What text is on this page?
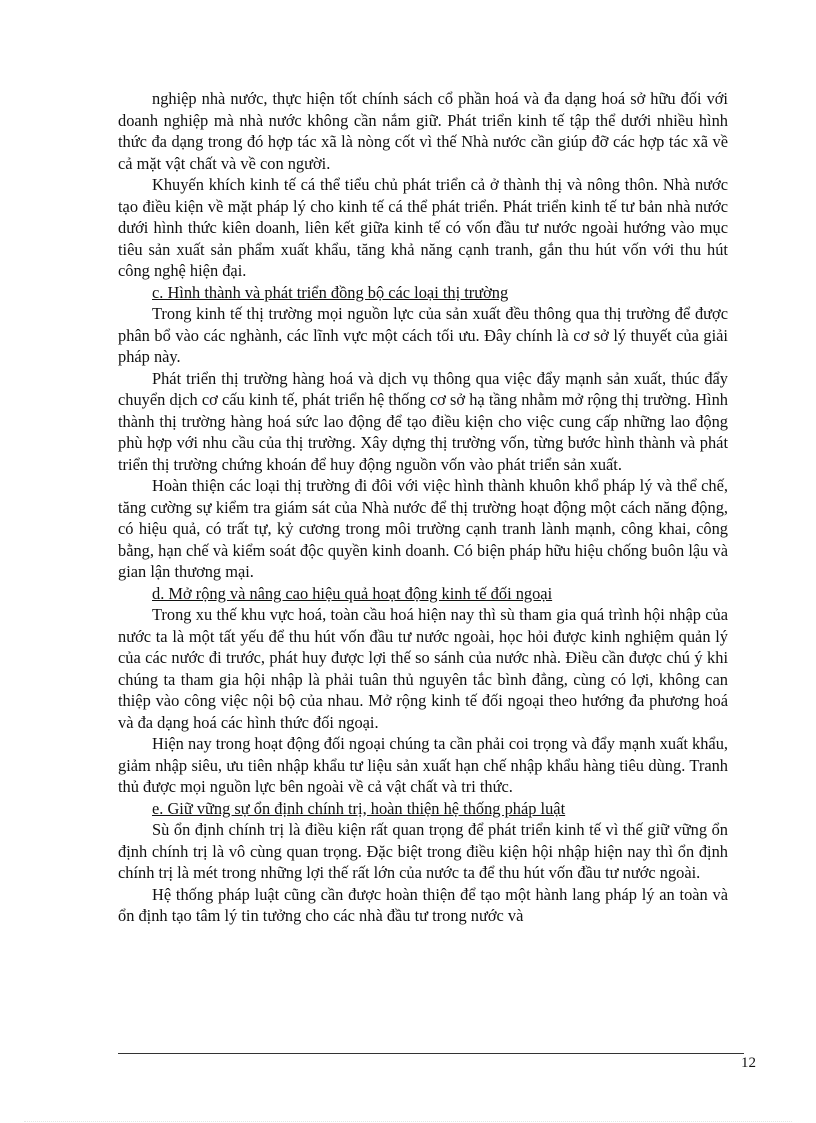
nghiệp nhà nước, thực hiện tốt chính sách cổ phần hoá và đa dạng hoá sở hữu đối với doanh nghiệp mà nhà nước không cần nắm giữ. Phát triển kinh tế tập thể dưới nhiều hình thức đa dạng trong đó hợp tác xã là nòng cốt vì thế Nhà nước cần giúp đỡ các hợp tác xã về cả mặt vật chất và về con người.

Khuyến khích kinh tế cá thể tiểu chủ phát triển cả ở thành thị và nông thôn. Nhà nước tạo điều kiện về mặt pháp lý cho kinh tế cá thể phát triển. Phát triển kinh tế tư bản nhà nước dưới hình thức kiên doanh, liên kết giữa kinh tế có vốn đầu tư nước ngoài hướng vào mục tiêu sản xuất sản phẩm xuất khẩu, tăng khả năng cạnh tranh, gắn thu hút vốn với thu hút công nghệ hiện đại.

c. Hình thành và phát triển đồng bộ các loại thị trường

Trong kinh tế thị trường mọi nguồn lực của sản xuất đều thông qua thị trường để được phân bổ vào các nghành, các lĩnh vực một cách tối ưu. Đây chính là cơ sở lý thuyết của giải pháp này.

Phát triển thị trường hàng hoá và dịch vụ thông qua việc đẩy mạnh sản xuất, thúc đẩy chuyển dịch cơ cấu kinh tế, phát triển hệ thống cơ sở hạ tầng nhằm mở rộng thị trường. Hình thành thị trường hàng hoá sức lao động để tạo điều kiện cho việc cung cấp những lao động phù hợp với nhu cầu của thị trường. Xây dựng thị trường vốn, từng bước hình thành và phát triển thị trường chứng khoán để huy động nguồn vốn vào phát triển sản xuất.

Hoàn thiện các loại thị trường đi đôi với việc hình thành khuôn khổ pháp lý và thể chế, tăng cường sự kiểm tra giám sát của Nhà nước để thị trường hoạt động một cách năng động, có hiệu quả, có trất tự, kỷ cương trong môi trường cạnh tranh lành mạnh, công khai, công bằng, hạn chế và kiểm soát độc quyền kinh doanh. Có biện pháp hữu hiệu chống buôn lậu và gian lận thương mại.

d. Mở rộng và nâng cao hiệu quả hoạt động kinh tế đối ngoại

Trong xu thế khu vực hoá, toàn cầu hoá hiện nay thì sù tham gia quá trình hội nhập của nước ta là một tất yếu để thu hút vốn đầu tư nước ngoài, học hỏi được kinh nghiệm quản lý của các nước đi trước, phát huy được lợi thế so sánh của nước nhà. Điều cần được chú ý khi chúng ta tham gia hội nhập là phải tuân thủ nguyên tắc bình đẳng, cùng có lợi, không can thiệp vào công việc nội bộ của nhau. Mở rộng kinh tế đối ngoại theo hướng đa phương hoá và đa dạng hoá các hình thức đối ngoại.

Hiện nay trong hoạt động đối ngoại chúng ta cần phải coi trọng và đẩy mạnh xuất khẩu, giảm nhập siêu, ưu tiên nhập khẩu tư liệu sản xuất hạn chế nhập khẩu hàng tiêu dùng. Tranh thủ được mọi nguồn lực bên ngoài về cả vật chất và tri thức.

e. Giữ vững sự ổn định chính trị, hoàn thiện hệ thống pháp luật

Sù ổn định chính trị là điều kiện rất quan trọng để phát triển kinh tế vì thế giữ vững ổn định chính trị là vô cùng quan trọng. Đặc biệt trong điều kiện hội nhập hiện nay thì ổn định chính trị là mét trong những lợi thế rất lớn của nước ta để thu hút vốn đầu tư nước ngoài.

Hệ thống pháp luật cũng cần được hoàn thiện để tạo một hành lang pháp lý an toàn và ổn định tạo tâm lý tin tưởng cho các nhà đầu tư trong nước và

12
